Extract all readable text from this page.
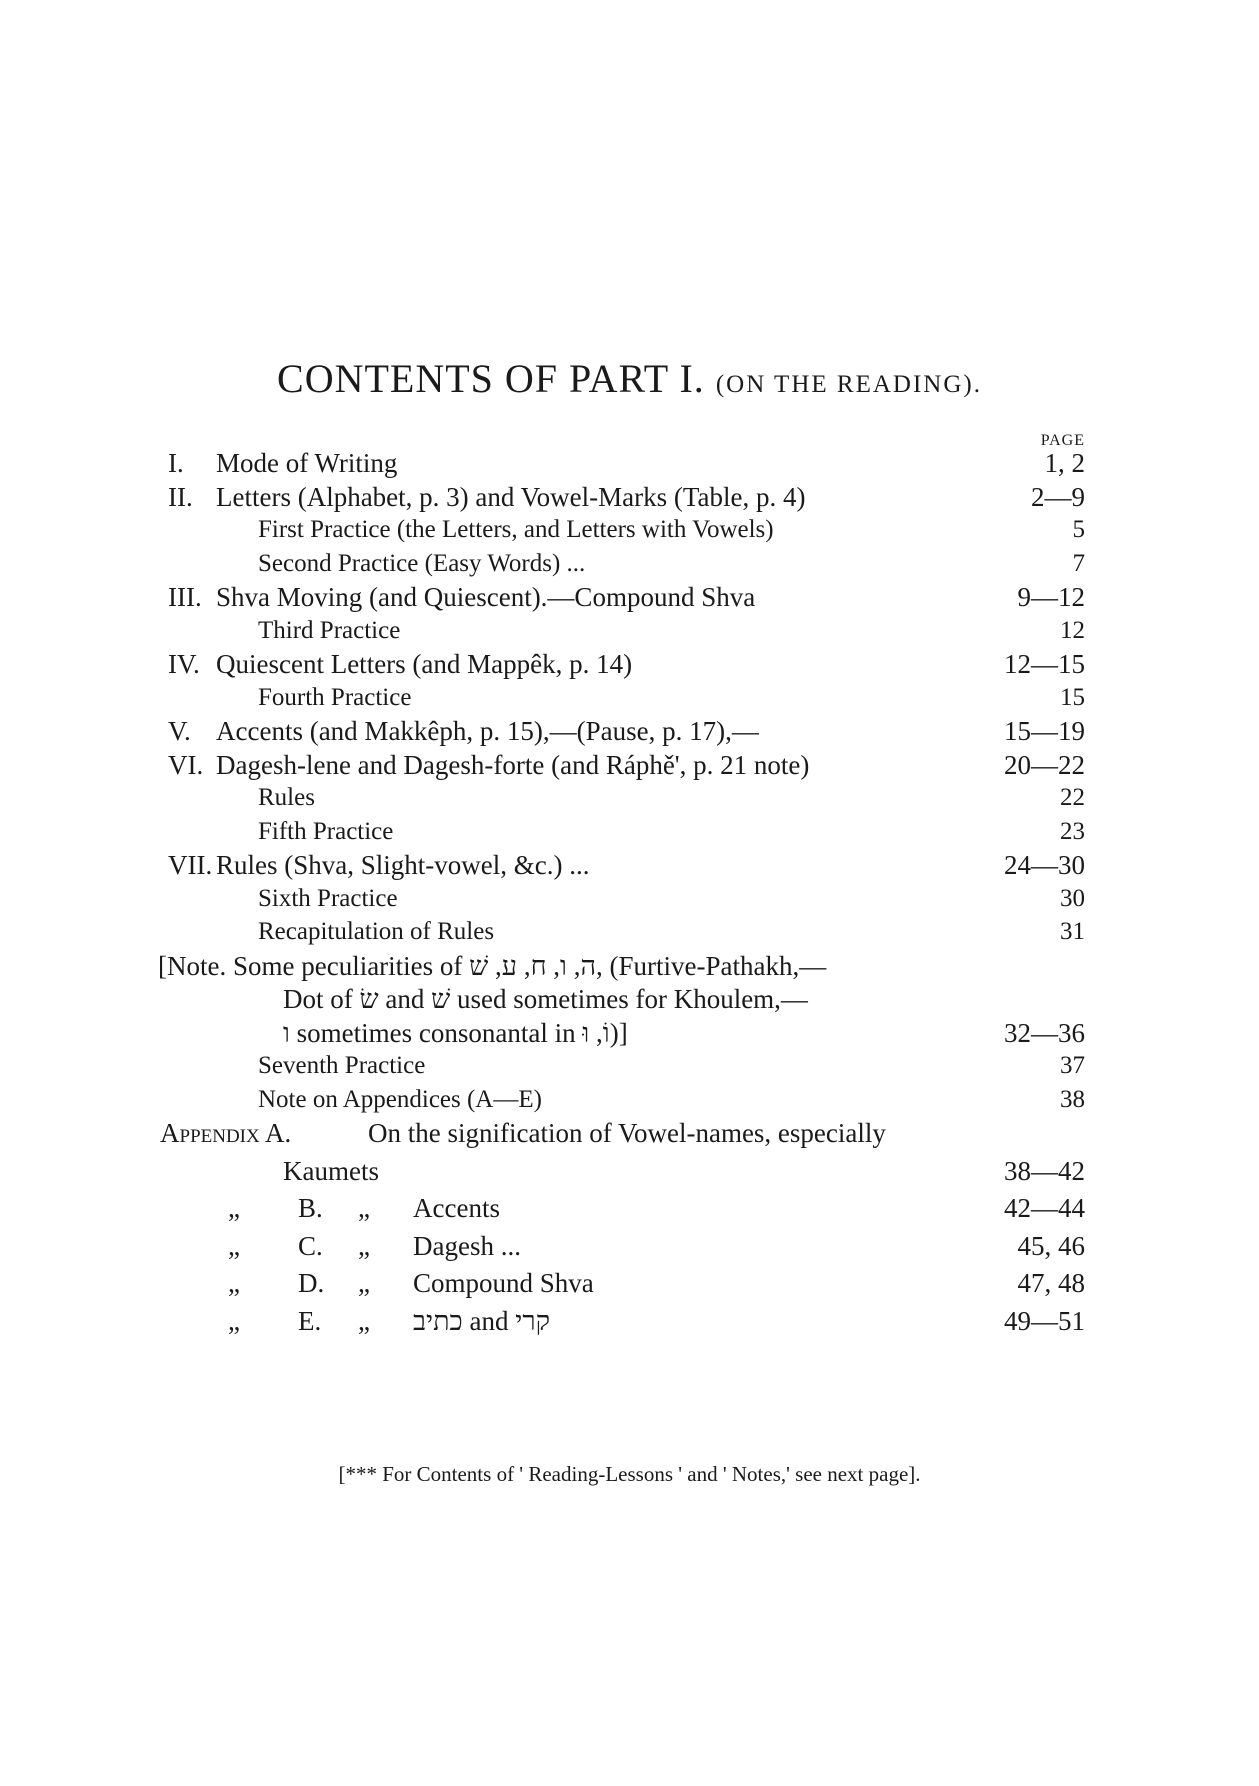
CONTENTS OF PART I. (ON THE READING).
PAGE
I. Mode of Writing	1, 2
II. Letters (Alphabet, p. 3) and Vowel-Marks (Table, p. 4)	2—9
First Practice (the Letters, and Letters with Vowels)	5
Second Practice (Easy Words) ...	7
III. Shva Moving (and Quiescent).—Compound Shva	9—12
Third Practice	12
IV. Quiescent Letters (and Mappêk, p. 14)	12—15
Fourth Practice	15
V. Accents (and Makkêph, p. 15),—(Pause, p. 17),—	15—19
VI. Dagesh-lene and Dagesh-forte (and Ráphě', p. 21 note)	20—22
Rules	22
Fifth Practice	23
VII. Rules (Shva, Slight-vowel, &c.) ...	24—30
Sixth Practice	30
Recapitulation of Rules	31
[Note. Some peculiarities of ה, ו, ח, ע, שׁ, (Furtive-Pathakh,—
Dot of שׂ and שׁ used sometimes for Khoulem,—
ו sometimes consonantal in וֹ, וּ)]	32—36
Seventh Practice	37
Note on Appendices (A—E)	38
Appendix A.	On the signification of Vowel-names, especially
Kaumets	38—42
„ B. „ Accents	42—44
„ C. „ Dagesh ...	45, 46
„ D. „ Compound Shva	47, 48
„ E. „ כתיב and קרי	49—51
[*** For Contents of ' Reading-Lessons ' and ' Notes,' see next page].
